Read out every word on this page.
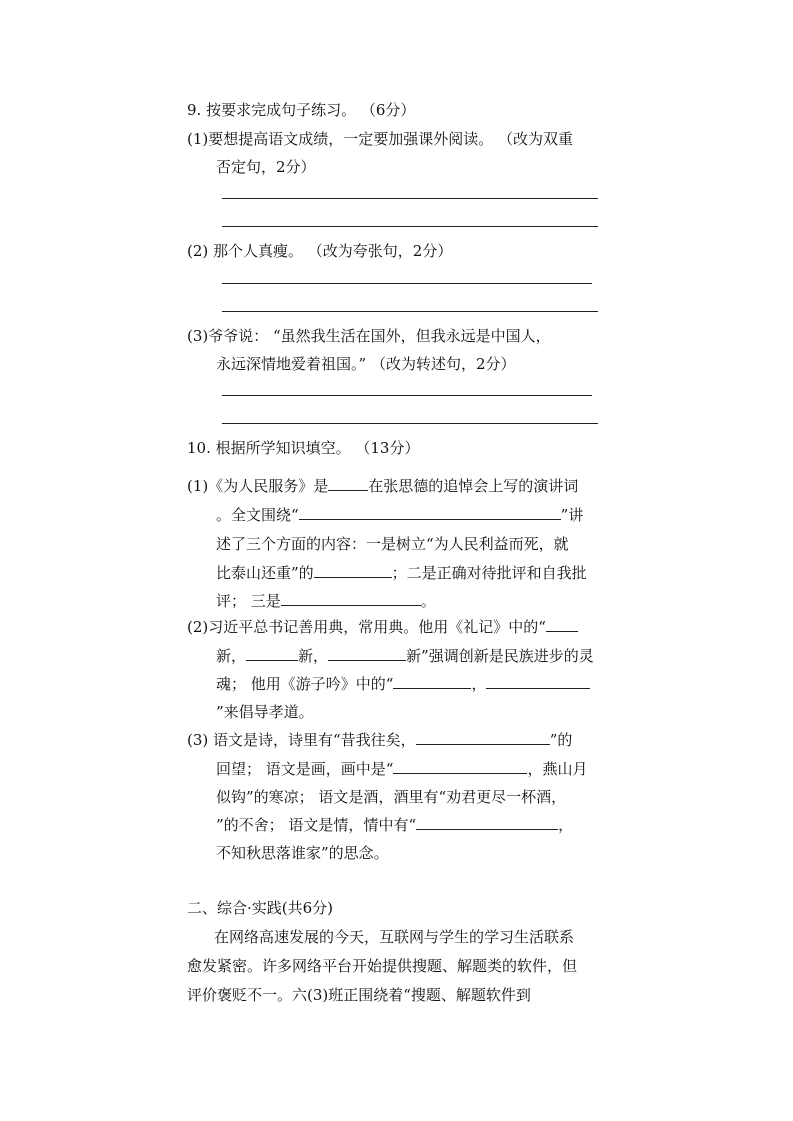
9. 按要求完成句子练习。 （6分）
(1)要想提高语文成绩，一定要加强课外阅读。 （改为双重
否定句，2分）
(2) 那个人真瘦。 （改为夸张句，2分）
(3)爷爷说： “虽然我生活在国外，但我永远是中国人，
永远深情地爱着祖国。” （改为转述句，2分）
10. 根据所学知识填空。 （13分）
(1)《为人民服务》是	在张思德的追悼会上写的演讲词
。全文围绕“	”讲
述了三个方面的内容：一是树立“为人民利益而死，就
比泰山还重”的	；二是正确对待批评和自我批
评； 三是	。
(2)习近平总书记善用典，常用典。他用《礼记》中的“
新，	新，	新”强调创新是民族进步的灵
魂； 他用《游子吟》中的“	，
”来倡导孝道。
(3) 语文是诗，诗里有“昔我往矣，	”的
回望； 语文是画，画中是“	，燕山月
似钩”的寒凉； 语文是酒，酒里有“劝君更尽一杯酒，
”的不舍； 语文是情，情中有“	，
不知秋思落谁家”的思念。
二、综合·实践(共6分)
在网络高速发展的今天，互联网与学生的学习生活联系
愈发紧密。许多网络平台开始提供搜题、解题类的软件，但
评价褒贬不一。六(3)班正围绕着“搜题、解题软件到
